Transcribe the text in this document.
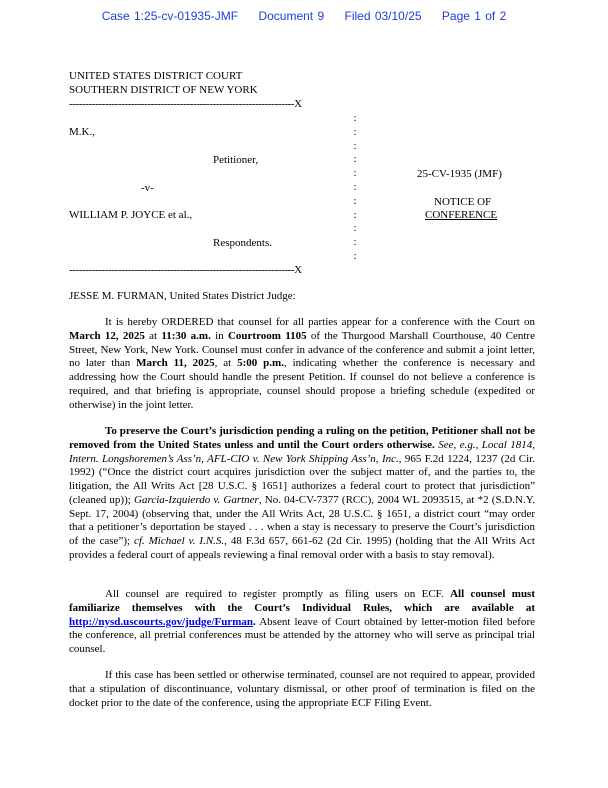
Case 1:25-cv-01935-JMF Document 9 Filed 03/10/25 Page 1 of 2
UNITED STATES DISTRICT COURT
SOUTHERN DISTRICT OF NEW YORK
---------------------------------------------------------------------X
M.K.,
Petitioner,
-v-
WILLIAM P. JOYCE et al.,
Respondents.
:
:
:
:
:
:
:
:
:
:
:
25-CV-1935 (JMF)
NOTICE OF
CONFERENCE
---------------------------------------------------------------------X
JESSE M. FURMAN, United States District Judge:

It is hereby ORDERED that counsel for all parties appear for a conference with the Court on March 12, 2025 at 11:30 a.m. in Courtroom 1105 of the Thurgood Marshall Courthouse, 40 Centre Street, New York, New York. Counsel must confer in advance of the conference and submit a joint letter, no later than March 11, 2025, at 5:00 p.m., indicating whether the conference is necessary and addressing how the Court should handle the present Petition. If counsel do not believe a conference is required, and that briefing is appropriate, counsel should propose a briefing schedule (expedited or otherwise) in the joint letter.

To preserve the Court’s jurisdiction pending a ruling on the petition, Petitioner shall not be removed from the United States unless and until the Court orders otherwise. See, e.g., Local 1814, Intern. Longshoremen’s Ass’n, AFL-CIO v. New York Shipping Ass’n, Inc., 965 F.2d 1224, 1237 (2d Cir. 1992) (“Once the district court acquires jurisdiction over the subject matter of, and the parties to, the litigation, the All Writs Act [28 U.S.C. § 1651] authorizes a federal court to protect that jurisdiction” (cleaned up)); Garcia-Izquierdo v. Gartner, No. 04-CV-7377 (RCC), 2004 WL 2093515, at *2 (S.D.N.Y. Sept. 17, 2004) (observing that, under the All Writs Act, 28 U.S.C. § 1651, a district court “may order that a petitioner’s deportation be stayed . . . when a stay is necessary to preserve the Court’s jurisdiction of the case”); cf. Michael v. I.N.S., 48 F.3d 657, 661-62 (2d Cir. 1995) (holding that the All Writs Act provides a federal court of appeals reviewing a final removal order with a basis to stay removal).

All counsel are required to register promptly as filing users on ECF. All counsel must familiarize themselves with the Court’s Individual Rules, which are available at http://nysd.uscourts.gov/judge/Furman. Absent leave of Court obtained by letter-motion filed before the conference, all pretrial conferences must be attended by the attorney who will serve as principal trial counsel.

If this case has been settled or otherwise terminated, counsel are not required to appear, provided that a stipulation of discontinuance, voluntary dismissal, or other proof of termination is filed on the docket prior to the date of the conference, using the appropriate ECF Filing Event.
